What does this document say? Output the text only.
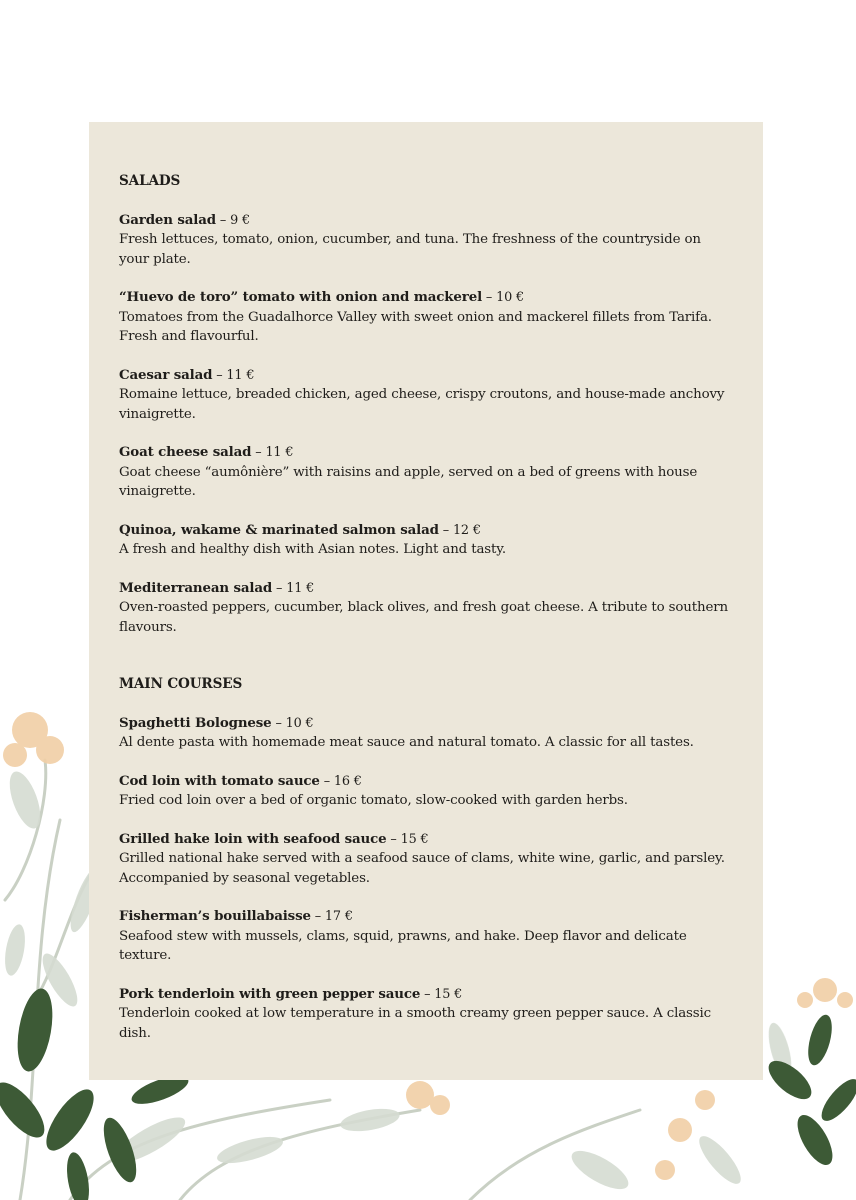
SALADS
Garden salad – 9 €
Fresh lettuces, tomato, onion, cucumber, and tuna. The freshness of the countryside on your plate.
“Huevo de toro” tomato with onion and mackerel – 10 €
Tomatoes from the Guadalhorce Valley with sweet onion and mackerel fillets from Tarifa. Fresh and flavourful.
Caesar salad – 11 €
Romaine lettuce, breaded chicken, aged cheese, crispy croutons, and house-made anchovy vinaigrette.
Goat cheese salad – 11 €
Goat cheese “aumônière” with raisins and apple, served on a bed of greens with house vinaigrette.
Quinoa, wakame & marinated salmon salad – 12 €
A fresh and healthy dish with Asian notes. Light and tasty.
Mediterranean salad – 11 €
Oven-roasted peppers, cucumber, black olives, and fresh goat cheese. A tribute to southern flavours.
MAIN COURSES
Spaghetti Bolognese – 10 €
Al dente pasta with homemade meat sauce and natural tomato. A classic for all tastes.
Cod loin with tomato sauce – 16 €
Fried cod loin over a bed of organic tomato, slow-cooked with garden herbs.
Grilled hake loin with seafood sauce – 15 €
Grilled national hake served with a seafood sauce of clams, white wine, garlic, and parsley. Accompanied by seasonal vegetables.
Fisherman’s bouillabaisse – 17 €
Seafood stew with mussels, clams, squid, prawns, and hake. Deep flavor and delicate texture.
Pork tenderloin with green pepper sauce – 15 €
Tenderloin cooked at low temperature in a smooth creamy green pepper sauce. A classic dish.
